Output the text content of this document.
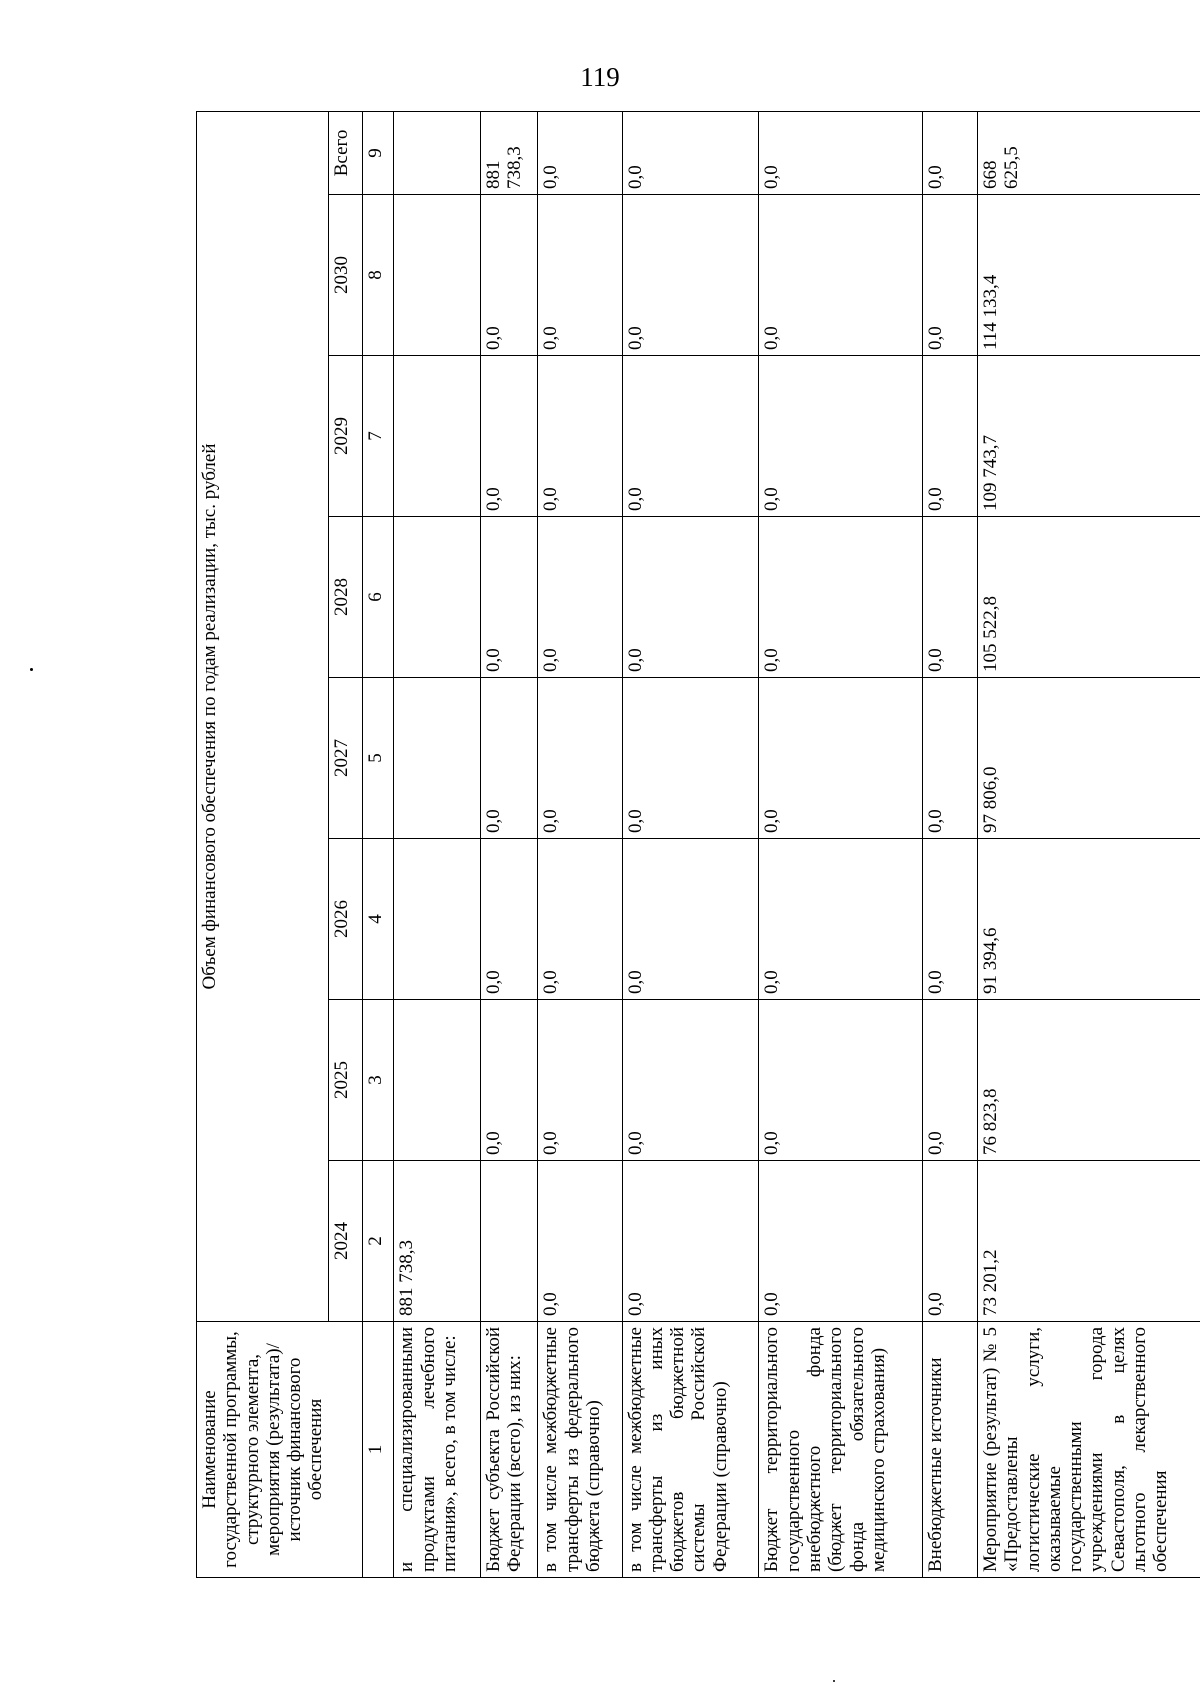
119
Наименование государственной программы, структурного элемента, мероприятия (результата)/источник финансового обеспечения	Объем финансового обеспечения по годам реализации, тыс. рублей							
	2024	2025	2026	2027	2028	2029	2030	Всего
1	2	3	4	5	6	7	8	9
и специализированными продуктами лечебного питания», всего, в том числе:	881 738,3							
Бюджет субъекта Российской Федерации (всего), из них:		0,0	0,0	0,0	0,0	0,0	0,0	881 738,3
в том числе межбюджетные трансферты из федерального бюджета (справочно)	0,0	0,0	0,0	0,0	0,0	0,0	0,0	0,0
в том числе межбюджетные трансферты из иных бюджетов бюджетной системы Российской Федерации (справочно)	0,0	0,0	0,0	0,0	0,0	0,0	0,0	0,0
Бюджет территориального государственного внебюджетного фонда (бюджет территориального фонда обязательного медицинского страхования)	0,0	0,0	0,0	0,0	0,0	0,0	0,0	0,0
Внебюджетные источники	0,0	0,0	0,0	0,0	0,0	0,0	0,0	0,0
Мероприятие (результат) № 5 «Предоставлены логистические услуги, оказываемые государственными учреждениями города Севастополя, в целях льготного лекарственного обеспечения	73 201,2	76 823,8	91 394,6	97 806,0	105 522,8	109 743,7	114 133,4	668 625,5
